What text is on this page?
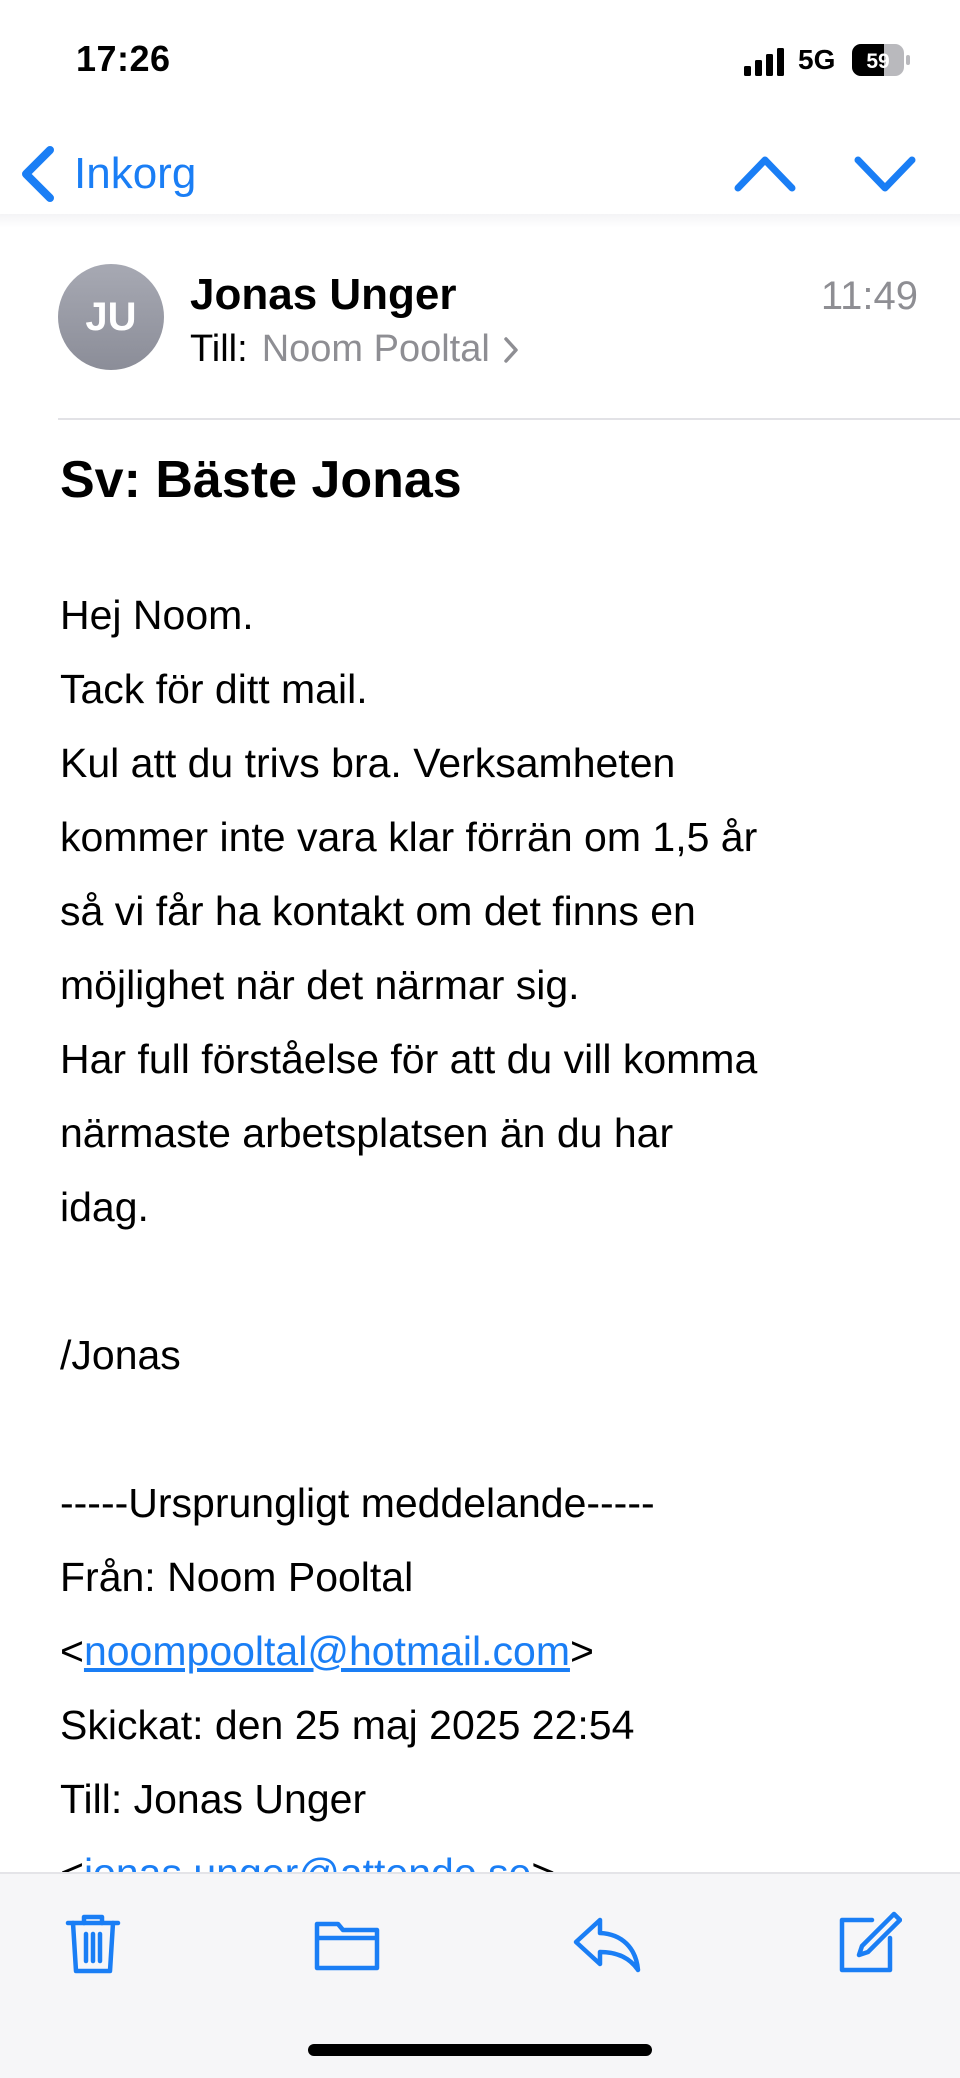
17:26	5G 59
Inkorg
JU	Jonas Unger	11:49
Till: Noom Pooltal
Sv: Bäste Jonas
Hej Noom.
Tack för ditt mail.
Kul att du trivs bra. Verksamheten
kommer inte vara klar förrän om 1,5 år
så vi får ha kontakt om det finns en
möjlighet när det närmar sig.
Har full förståelse för att du vill komma
närmaste arbetsplatsen än du har
idag.
/Jonas
-----Ursprungligt meddelande-----
Från: Noom Pooltal
<noompooltal@hotmail.com>
Skickat: den 25 maj 2025 22:54
Till: Jonas Unger
